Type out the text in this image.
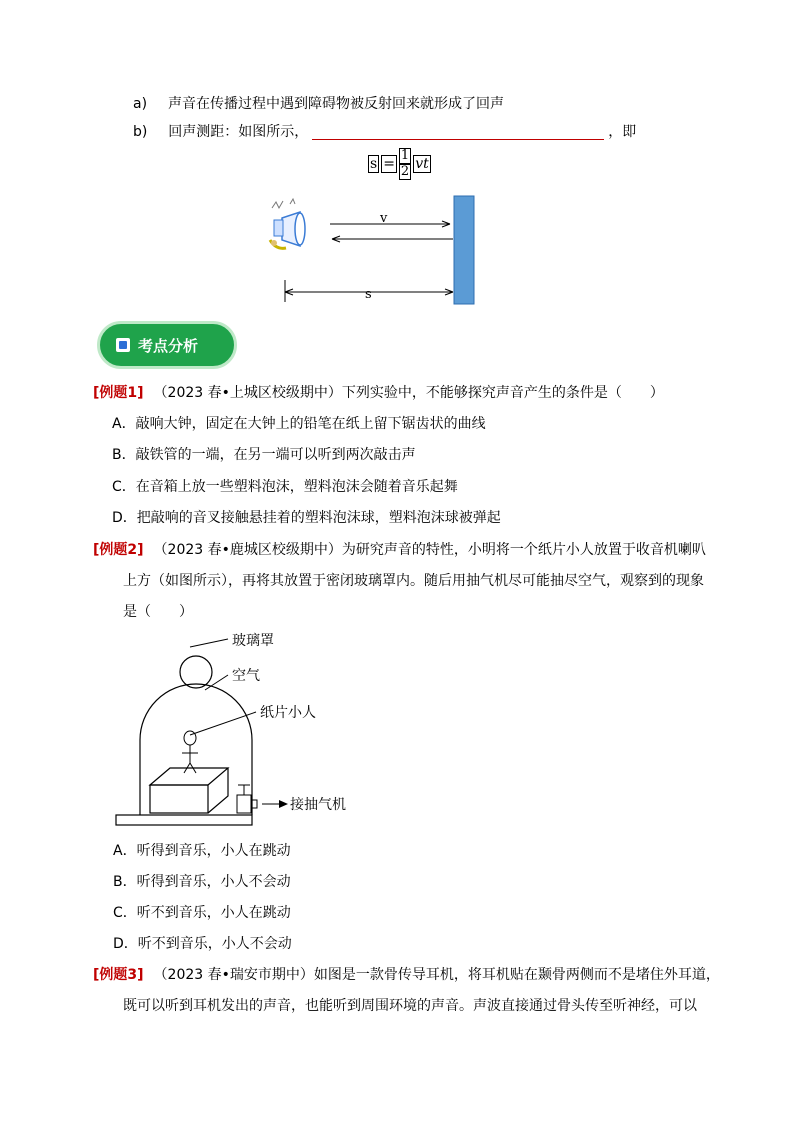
a) 声音在传播过程中遇到障碍物被反射回来就形成了回声
b) 回声测距：如图所示，	，即
$s = \frac{1}{2}$ vt
v
s
考点分析
[例题1] （2023 春•上城区校级期中）下列实验中，不能够探究声音产生的条件是（　　）
A．敲响大钟，固定在大钟上的铅笔在纸上留下锯齿状的曲线
B．敲铁管的一端，在另一端可以听到两次敲击声
C．在音箱上放一些塑料泡沫，塑料泡沫会随着音乐起舞
D．把敲响的音叉接触悬挂着的塑料泡沫球，塑料泡沫球被弹起
[例题2] （2023 春•鹿城区校级期中）为研究声音的特性，小明将一个纸片小人放置于收音机喇叭
上方（如图所示），再将其放置于密闭玻璃罩内。随后用抽气机尽可能抽尽空气，观察到的现象
是（　　）
玻璃罩
空气
纸片小人
接抽气机
A．听得到音乐，小人在跳动
B．听得到音乐，小人不会动
C．听不到音乐，小人在跳动
D．听不到音乐，小人不会动
[例题3] （2023 春•瑞安市期中）如图是一款骨传导耳机，将耳机贴在颞骨两侧而不是堵住外耳道，
既可以听到耳机发出的声音，也能听到周围环境的声音。声波直接通过骨头传至听神经，可以
